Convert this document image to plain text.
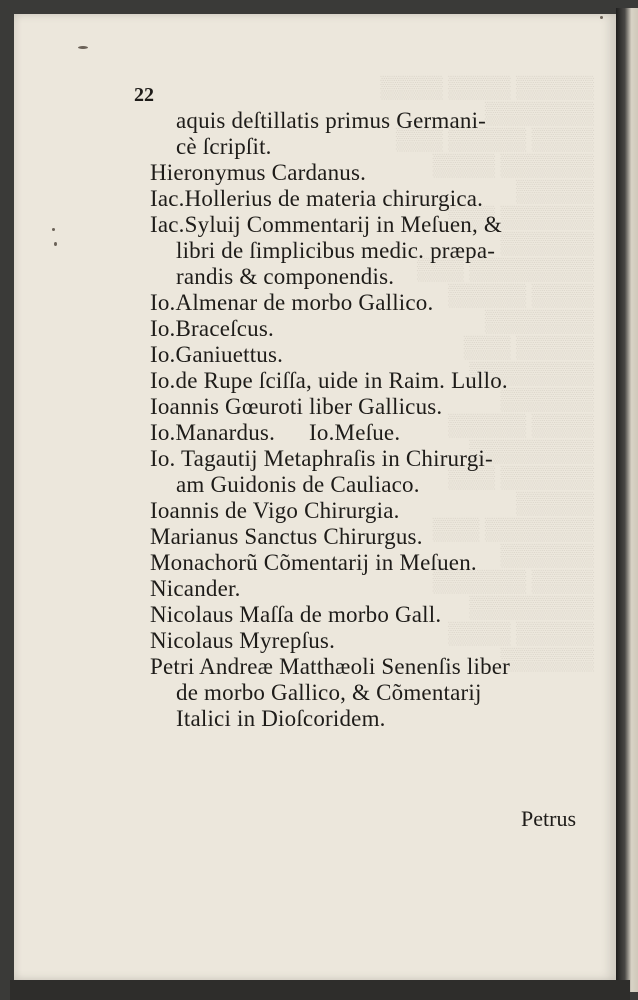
▒▒▒▒▒ ▒▒▒▒ ▒▒▒▒
▒▒▒▒▒▒▒
▒▒▒▒ ▒▒▒▒▒ ▒▒▒
▒▒▒▒▒▒ ▒▒▒▒
▒▒▒▒▒
▒▒▒▒▒▒ ▒▒▒
▒▒▒▒▒▒
▒▒▒▒▒▒▒▒ ▒▒▒
▒▒▒▒ ▒▒▒▒▒
▒▒▒▒▒▒▒
▒▒▒▒▒ ▒▒▒
▒▒▒▒▒▒▒▒
▒▒▒▒▒▒
▒▒▒▒ ▒▒▒▒▒
▒▒▒▒▒▒▒▒
▒▒▒▒▒▒ ▒▒▒
▒▒▒▒▒
▒▒▒▒▒▒▒ ▒▒▒
▒▒▒▒▒▒
▒▒▒▒ ▒▒▒▒▒▒
▒▒▒▒▒▒▒▒
▒▒▒▒▒ ▒▒▒▒
▒▒▒▒▒▒
22
aquis deſtillatis primus Germani-
cè ſcripſit.
Hieronymus Cardanus.
Iac.Hollerius de materia chirurgica.
Iac.Syluij Commentarij in Meſuen, &
libri de ſimplicibus medic. præpa-
randis & componendis.
Io.Almenar de morbo Gallico.
Io.Braceſcus.
Io.Ganiuettus.
Io.de Rupe ſciſſa, uide in Raim. Lullo.
Ioannis Gœuroti liber Gallicus.
Io.Manardus. Io.Meſue.
Io. Tagautij Metaphraſis in Chirurgi-
am Guidonis de Cauliaco.
Ioannis de Vigo Chirurgia.
Marianus Sanctus Chirurgus.
Monachorũ Cõmentarij in Meſuen.
Nicander.
Nicolaus Maſſa de morbo Gall.
Nicolaus Myrepſus.
Petri Andreæ Matthæoli Senenſis liber
de morbo Gallico, & Cõmentarij
Italici in Dioſcoridem.
Petrus
